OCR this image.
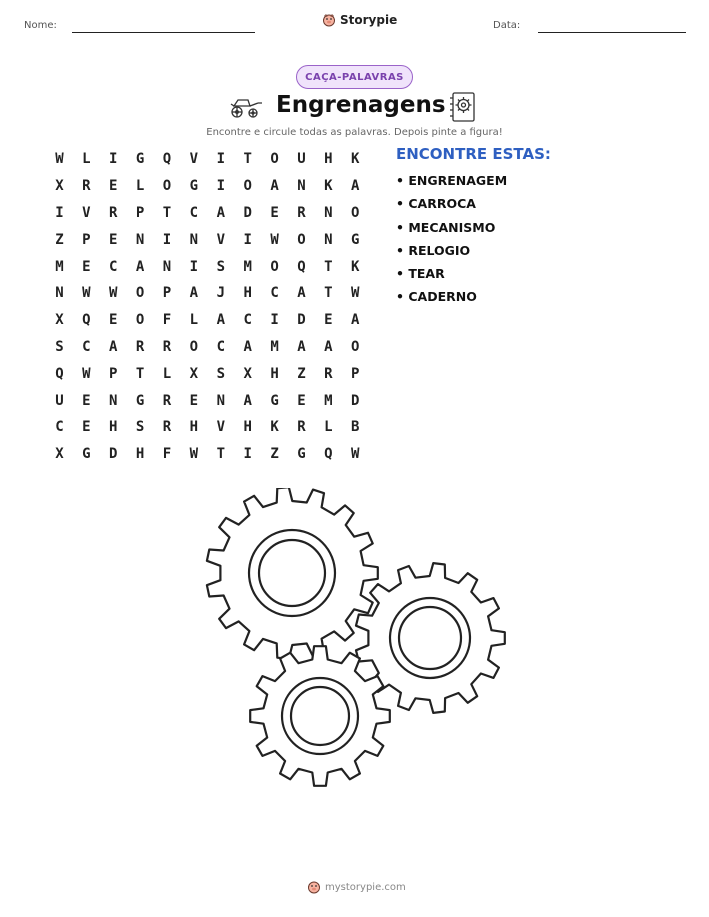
Nome:	Storypie	Data:
CAÇA-PALAVRAS
Engrenagens
Encontre e circule todas as palavras. Depois pinte a figura!
W	L	I	G	Q	V	I	T	O	U	H	K
X	R	E	L	O	G	I	O	A	N	K	A
I	V	R	P	T	C	A	D	E	R	N	O
Z	P	E	N	I	N	V	I	W	O	N	G
M	E	C	A	N	I	S	M	O	Q	T	K
N	W	W	O	P	A	J	H	C	A	T	W
X	Q	E	O	F	L	A	C	I	D	E	A
S	C	A	R	R	O	C	A	M	A	A	O
Q	W	P	T	L	X	S	X	H	Z	R	P
U	E	N	G	R	E	N	A	G	E	M	D
C	E	H	S	R	H	V	H	K	R	L	B
X	G	D	H	F	W	T	I	Z	G	Q	W
ENCONTRE ESTAS:
• ENGRENAGEM
• CARROCA
• MECANISMO
• RELOGIO
• TEAR
• CADERNO
mystorypie.com
